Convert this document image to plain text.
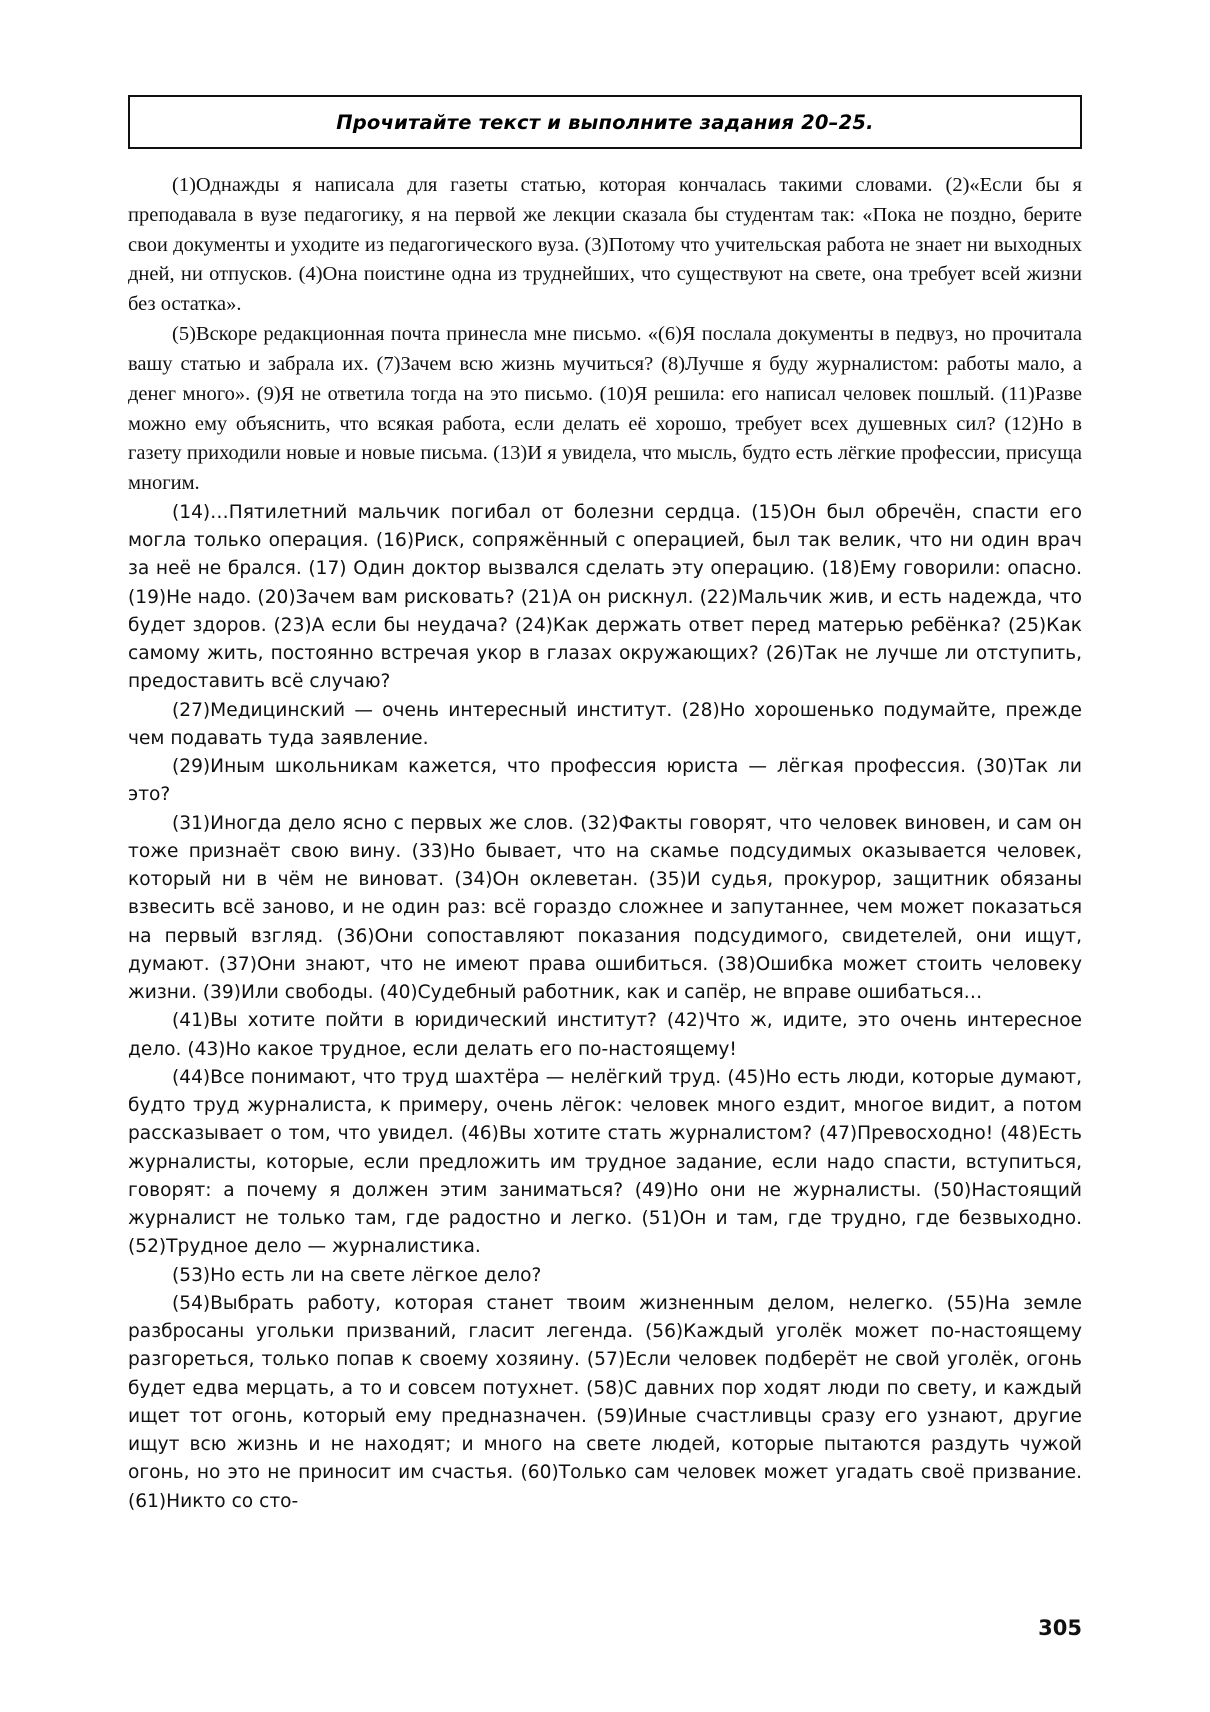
Прочитайте текст и выполните задания 20–25.

(1)Однажды я написала для газеты статью, которая кончалась такими словами. (2)«Если бы я преподавала в вузе педагогику, я на первой же лекции сказала бы студентам так: «Пока не поздно, берите свои документы и уходите из педагогического вуза. (3)Потому что учительская работа не знает ни выходных дней, ни отпусков. (4)Она поистине одна из труднейших, что существуют на свете, она требует всей жизни без остатка».

(5)Вскоре редакционная почта принесла мне письмо. «(6)Я послала документы в педвуз, но прочитала вашу статью и забрала их. (7)Зачем всю жизнь мучиться? (8)Лучше я буду журналистом: работы мало, а денег много». (9)Я не ответила тогда на это письмо. (10)Я решила: его написал человек пошлый. (11)Разве можно ему объяснить, что всякая работа, если делать её хорошо, требует всех душевных сил? (12)Но в газету приходили новые и новые письма. (13)И я увидела, что мысль, будто есть лёгкие профессии, присуща многим.

(14)…Пятилетний мальчик погибал от болезни сердца. (15)Он был обречён, спасти его могла только операция. (16)Риск, сопряжённый с операцией, был так велик, что ни один врач за неё не брался. (17) Один доктор вызвался сделать эту операцию. (18)Ему говорили: опасно. (19)Не надо. (20)Зачем вам рисковать? (21)А он рискнул. (22)Мальчик жив, и есть надежда, что будет здоров. (23)А если бы неудача? (24)Как держать ответ перед матерью ребёнка? (25)Как самому жить, постоянно встречая укор в глазах окружающих? (26)Так не лучше ли отступить, предоставить всё случаю?

(27)Медицинский — очень интересный институт. (28)Но хорошенько подумайте, прежде чем подавать туда заявление.

(29)Иным школьникам кажется, что профессия юриста — лёгкая профессия. (30)Так ли это?

(31)Иногда дело ясно с первых же слов. (32)Факты говорят, что человек виновен, и сам он тоже признаёт свою вину. (33)Но бывает, что на скамье подсудимых оказывается человек, который ни в чём не виноват. (34)Он оклеветан. (35)И судья, прокурор, защитник обязаны взвесить всё заново, и не один раз: всё гораздо сложнее и запутаннее, чем может показаться на первый взгляд. (36)Они сопоставляют показания подсудимого, свидетелей, они ищут, думают. (37)Они знают, что не имеют права ошибиться. (38)Ошибка может стоить человеку жизни. (39)Или свободы. (40)Судебный работник, как и сапёр, не вправе ошибаться…

(41)Вы хотите пойти в юридический институт? (42)Что ж, идите, это очень интересное дело. (43)Но какое трудное, если делать его по-настоящему!

(44)Все понимают, что труд шахтёра — нелёгкий труд. (45)Но есть люди, которые думают, будто труд журналиста, к примеру, очень лёгок: человек много ездит, многое видит, а потом рассказывает о том, что увидел. (46)Вы хотите стать журналистом? (47)Превосходно! (48)Есть журналисты, которые, если предложить им трудное задание, если надо спасти, вступиться, говорят: а почему я должен этим заниматься? (49)Но они не журналисты. (50)Настоящий журналист не только там, где радостно и легко. (51)Он и там, где трудно, где безвыходно. (52)Трудное дело — журналистика.

(53)Но есть ли на свете лёгкое дело?

(54)Выбрать работу, которая станет твоим жизненным делом, нелегко. (55)На земле разбросаны угольки призваний, гласит легенда. (56)Каждый уголёк может по-настоящему разгореться, только попав к своему хозяину. (57)Если человек подберёт не свой уголёк, огонь будет едва мерцать, а то и совсем потухнет. (58)С давних пор ходят люди по свету, и каждый ищет тот огонь, который ему предназначен. (59)Иные счастливцы сразу его узнают, другие ищут всю жизнь и не находят; и много на свете людей, которые пытаются раздуть чужой огонь, но это не приносит им счастья. (60)Только сам человек может угадать своё призвание. (61)Никто со сто-

305
